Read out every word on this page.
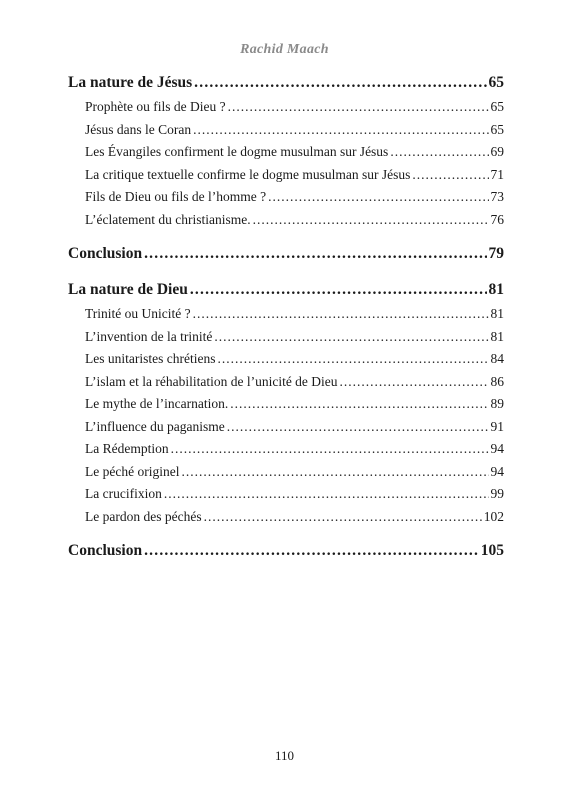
Rachid Maach
La nature de Jésus .....	65
Prophète ou fils de Dieu ? .....	65
Jésus dans le Coran .....	65
Les Évangiles confirment le dogme musulman sur Jésus .....	69
La critique textuelle confirme le dogme musulman sur Jésus .....	71
Fils de Dieu ou fils de l’homme ? .....	73
L’éclatement du christianisme. .....	76
Conclusion .....	79
La nature de Dieu .....	81
Trinité ou Unicité ? .....	81
L’invention de la trinité .....	81
Les unitaristes chrétiens .....	84
L’islam et la réhabilitation de l’unicité de Dieu .....	86
Le mythe de l’incarnation. .....	89
L’influence du paganisme .....	91
La Rédemption .....	94
Le péché originel .....	94
La crucifixion .....	99
Le pardon des péchés .....	102
Conclusion .....	105
110
